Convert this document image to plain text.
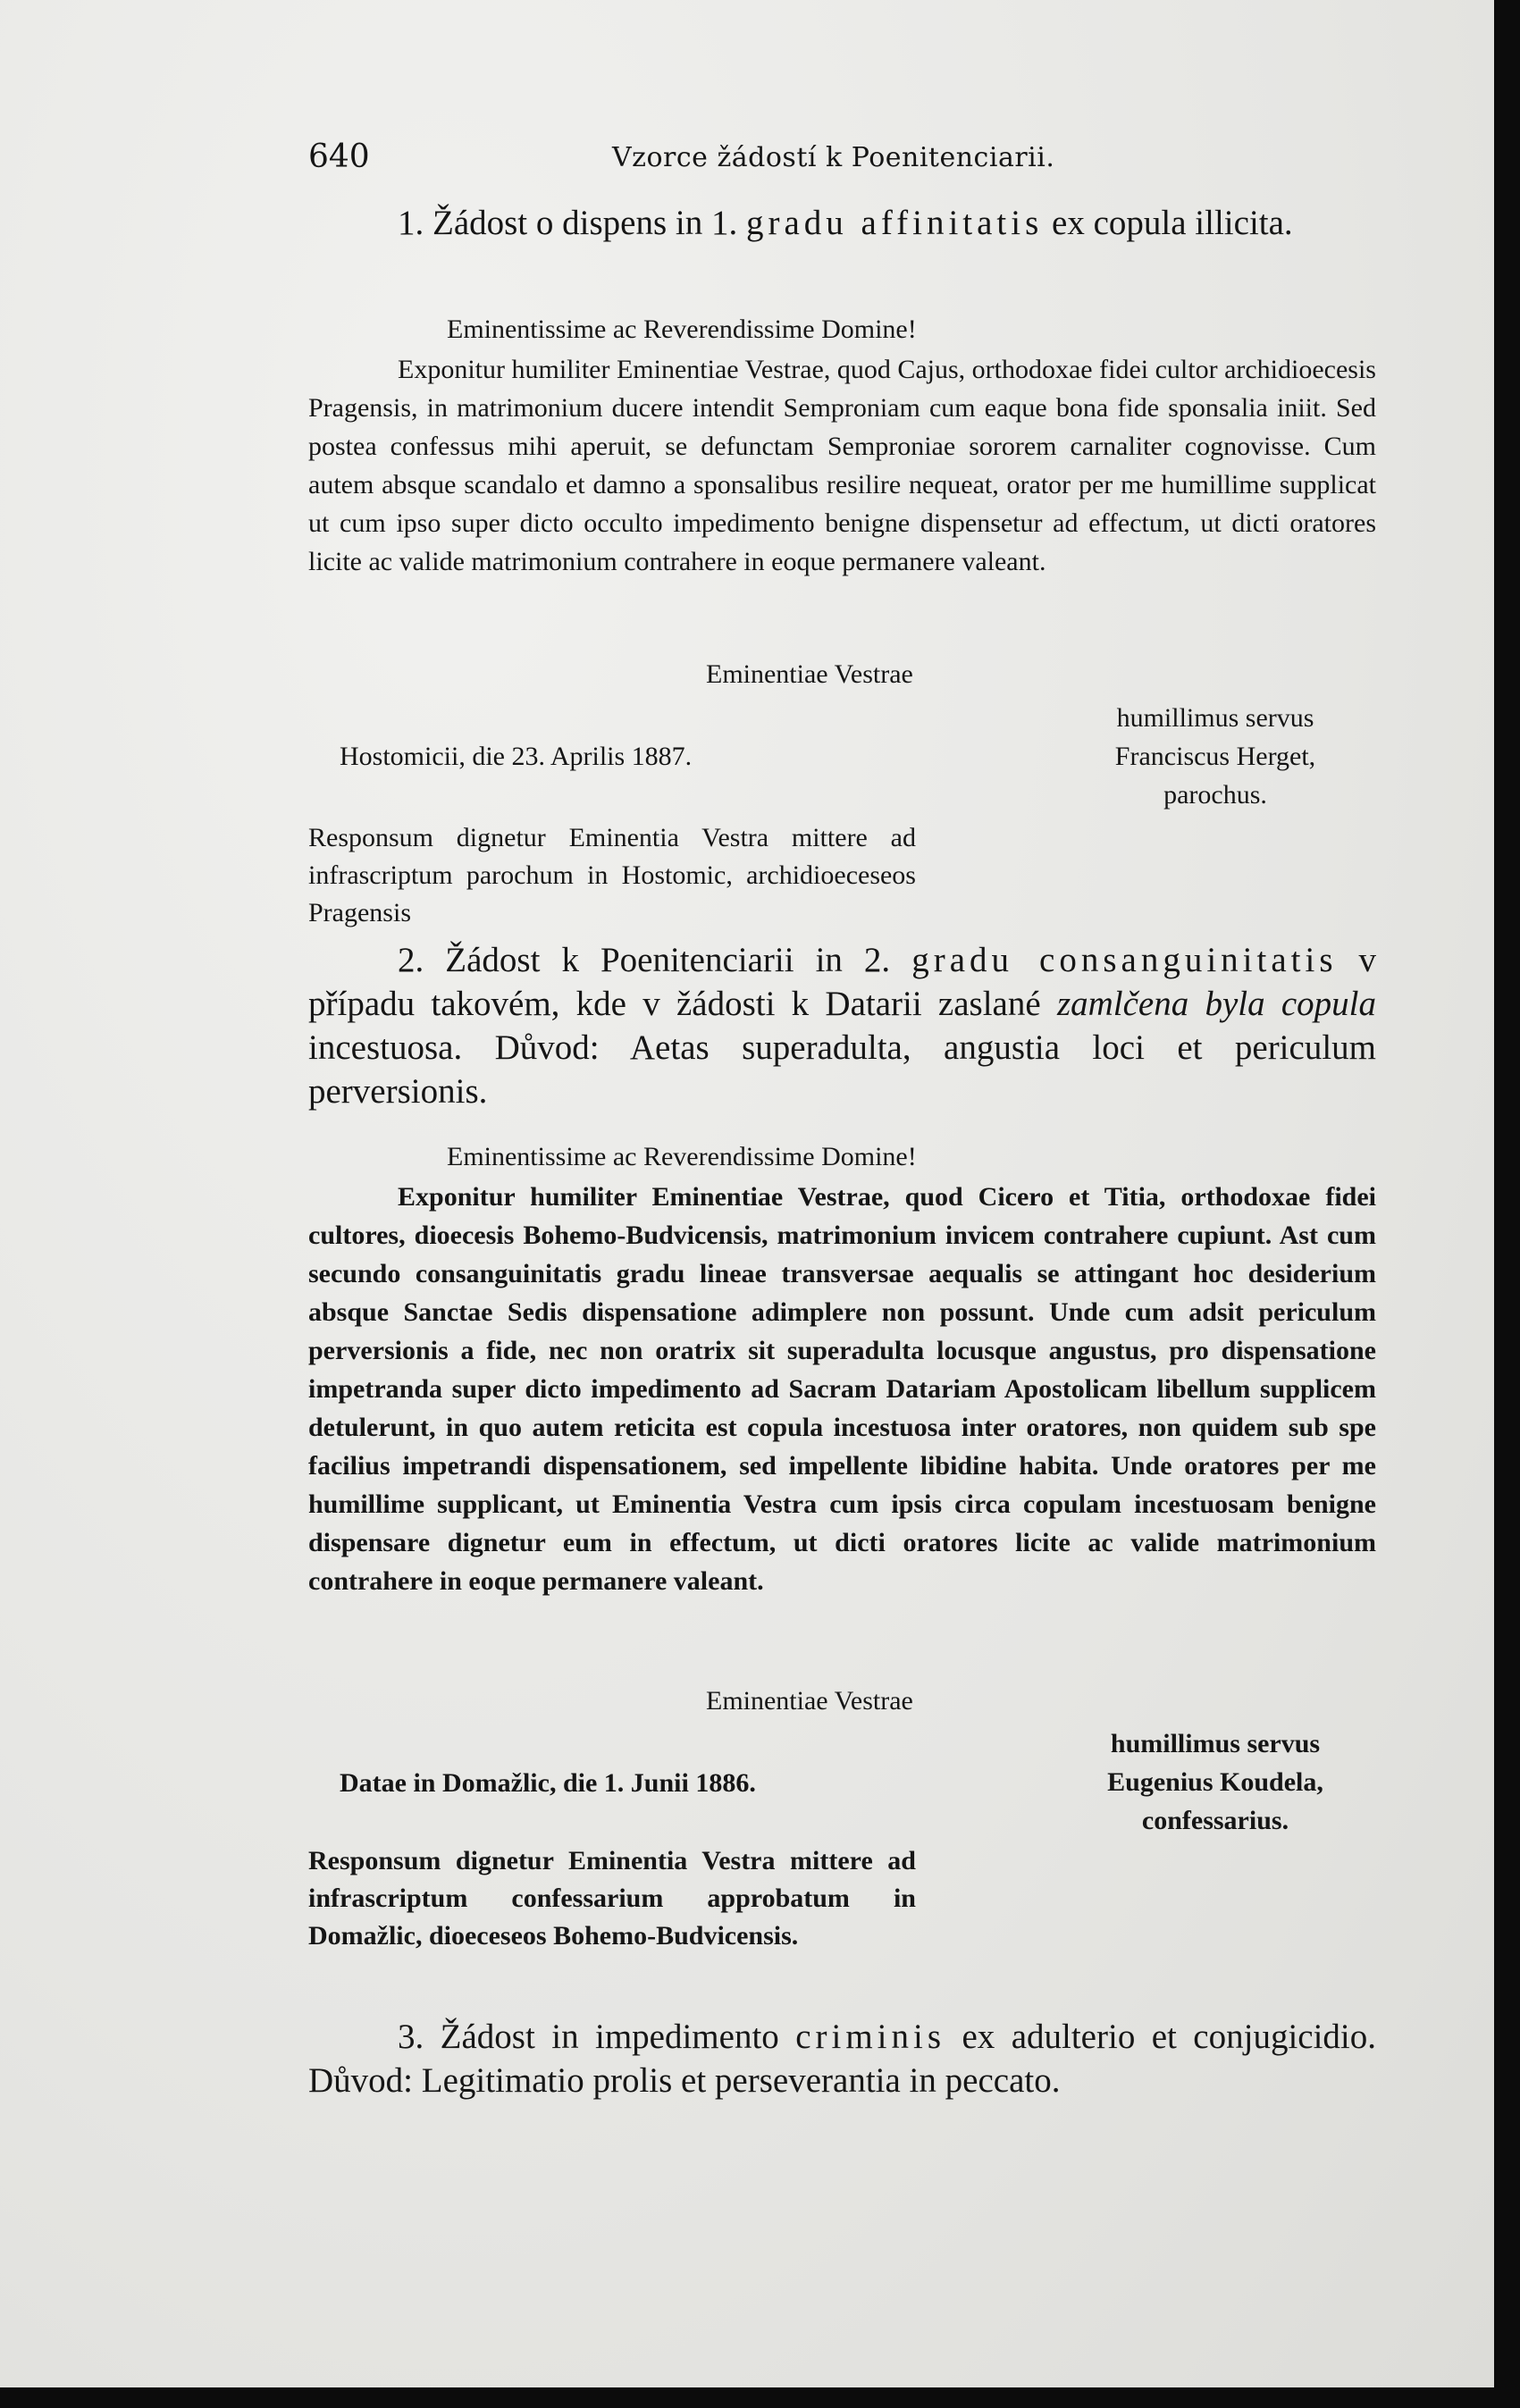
640	Vzorce žádostí k Poenitenciarii.
1. Žádost o dispens in 1. gradu affinitatis ex copula illicita.
Eminentissime ac Reverendissime Domine!
Exponitur humiliter Eminentiae Vestrae, quod Cajus, orthodoxae fidei cultor archidioecesis Pragensis, in matrimonium ducere intendit Semproniam cum eaque bona fide sponsalia iniit. Sed postea confessus mihi aperuit, se defunctam Semproniae sororem carnaliter cognovisse. Cum autem absque scandalo et damno a sponsalibus resilire nequeat, orator per me humillime supplicat ut cum ipso super dicto occulto impedimento benigne dispensetur ad effectum, ut dicti oratores licite ac valide matrimonium contrahere in eoque permanere valeant.
Eminentiae Vestrae
humillimus servus
Franciscus Herget,
parochus.
Hostomicii, die 23. Aprilis 1887.
Responsum dignetur Eminentia Vestra mittere ad infrascriptum parochum in Hostomic, archidioeceseos Pragensis
2. Žádost k Poenitenciarii in 2. gradu consanguinitatis v případu takovém, kde v žádosti k Datarii zaslané zamlčena byla copula incestuosa. Důvod: Aetas superadulta, angustia loci et periculum perversionis.
Eminentissime ac Reverendissime Domine!
Exponitur humiliter Eminentiae Vestrae, quod Cicero et Titia, orthodoxae fidei cultores, dioecesis Bohemo-Budvicensis, matrimonium invicem contrahere cupiunt. Ast cum secundo consanguinitatis gradu lineae transversae aequalis se attingant hoc desiderium absque Sanctae Sedis dispensatione adimplere non possunt. Unde cum adsit periculum perversionis a fide, nec non oratrix sit superadulta locusque angustus, pro dispensatione impetranda super dicto impedimento ad Sacram Datariam Apostolicam libellum supplicem detulerunt, in quo autem reticita est copula incestuosa inter oratores, non quidem sub spe facilius impetrandi dispensationem, sed impellente libidine habita. Unde oratores per me humillime supplicant, ut Eminentia Vestra cum ipsis circa copulam incestuosam benigne dispensare dignetur eum in effectum, ut dicti oratores licite ac valide matrimonium contrahere in eoque permanere valeant.
Eminentiae Vestrae
humillimus servus
Eugenius Koudela,
confessarius.
Datae in Domažlic, die 1. Junii 1886.
Responsum dignetur Eminentia Vestra mittere ad infrascriptum confessarium approbatum in Domažlic, dioeceseos Bohemo-Budvicensis.
3. Žádost in impedimento criminis ex adulterio et conjugicidio. Důvod: Legitimatio prolis et perseverantia in peccato.
